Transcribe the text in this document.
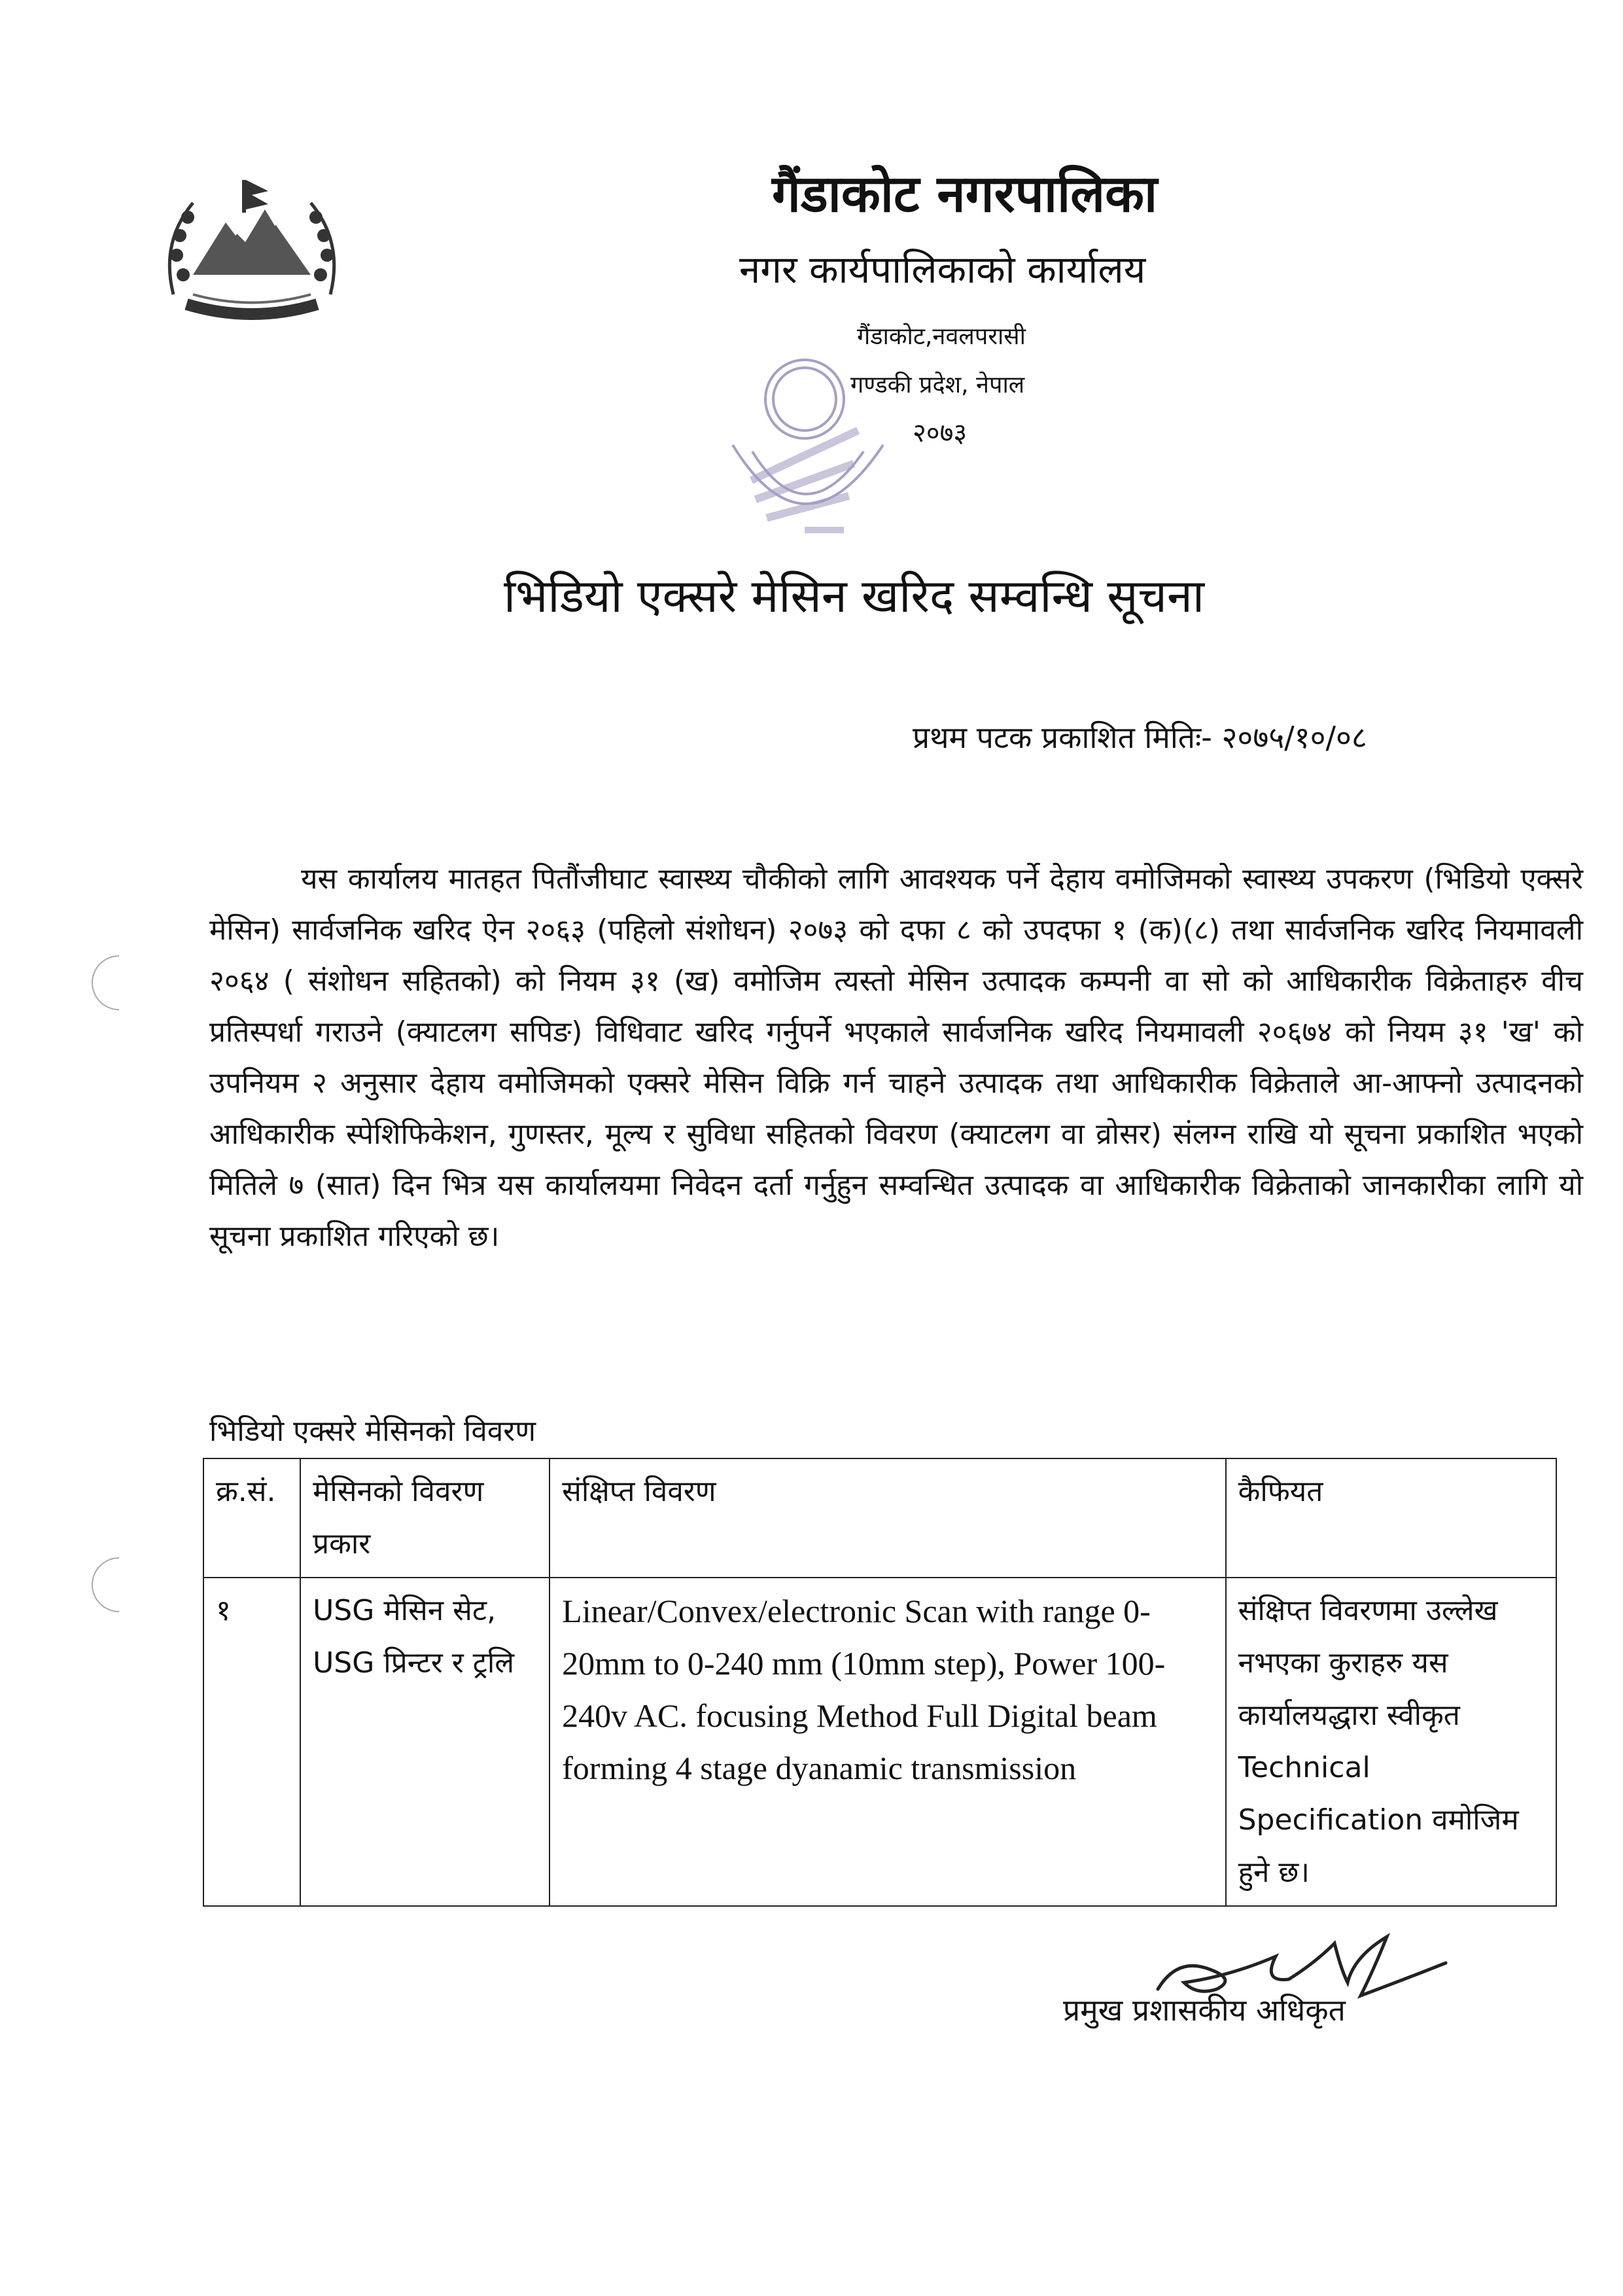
गैंडाकोट नगरपालिका
नगर कार्यपालिकाको कार्यालय
गैंडाकोट,नवलपरासी
गण्डकी प्रदेश, नेपाल
२०७३
भिडियो एक्सरे मेसिन खरिद सम्वन्धि सूचना
प्रथम पटक प्रकाशित मितिः- २०७५/१०/०८
यस कार्यालय मातहत पितौंजीघाट स्वास्थ्य चौकीको लागि आवश्यक पर्ने देहाय वमोजिमको स्वास्थ्य उपकरण (भिडियो एक्सरे मेसिन) सार्वजनिक खरिद ऐन २०६३ (पहिलो संशोधन) २०७३ को दफा ८ को उपदफा १ (क)(८) तथा सार्वजनिक खरिद नियमावली २०६४ ( संशोधन सहितको) को नियम ३१ (ख) वमोजिम त्यस्तो मेसिन उत्पादक कम्पनी वा सो को आधिकारीक विक्रेताहरु वीच प्रतिस्पर्धा गराउने (क्याटलग सपिङ) विधिवाट खरिद गर्नुपर्ने भएकाले सार्वजनिक खरिद नियमावली २०६७४ को नियम ३१ 'ख' को उपनियम २ अनुसार देहाय वमोजिमको एक्सरे मेसिन विक्रि गर्न चाहने उत्पादक तथा आधिकारीक विक्रेताले आ-आफ्नो उत्पादनको आधिकारीक स्पेशिफिकेशन, गुणस्तर, मूल्य र सुविधा सहितको विवरण (क्याटलग वा व्रोसर) संलग्न राखि यो सूचना प्रकाशित भएको मितिले ७ (सात) दिन भित्र यस कार्यालयमा निवेदन दर्ता गर्नुहुन सम्वन्धित उत्पादक वा आधिकारीक विक्रेताको जानकारीका लागि यो सूचना प्रकाशित गरिएको छ।
भिडियो एक्सरे मेसिनको विवरण
क्र.सं.	मेसिनको विवरण प्रकार	संक्षिप्त विवरण	कैफियत
१	USG मेसिन सेट, USG प्रिन्टर र ट्रलि	Linear/Convex/electronic Scan with range 0-20mm to 0-240 mm (10mm step), Power 100-240v AC. focusing Method Full Digital beam forming 4 stage dyanamic transmission	संक्षिप्त विवरणमा उल्लेख नभएका कुराहरु यस कार्यालयद्धारा स्वीकृत Technical Specification वमोजिम हुने छ।
प्रमुख प्रशासकीय अधिकृत
